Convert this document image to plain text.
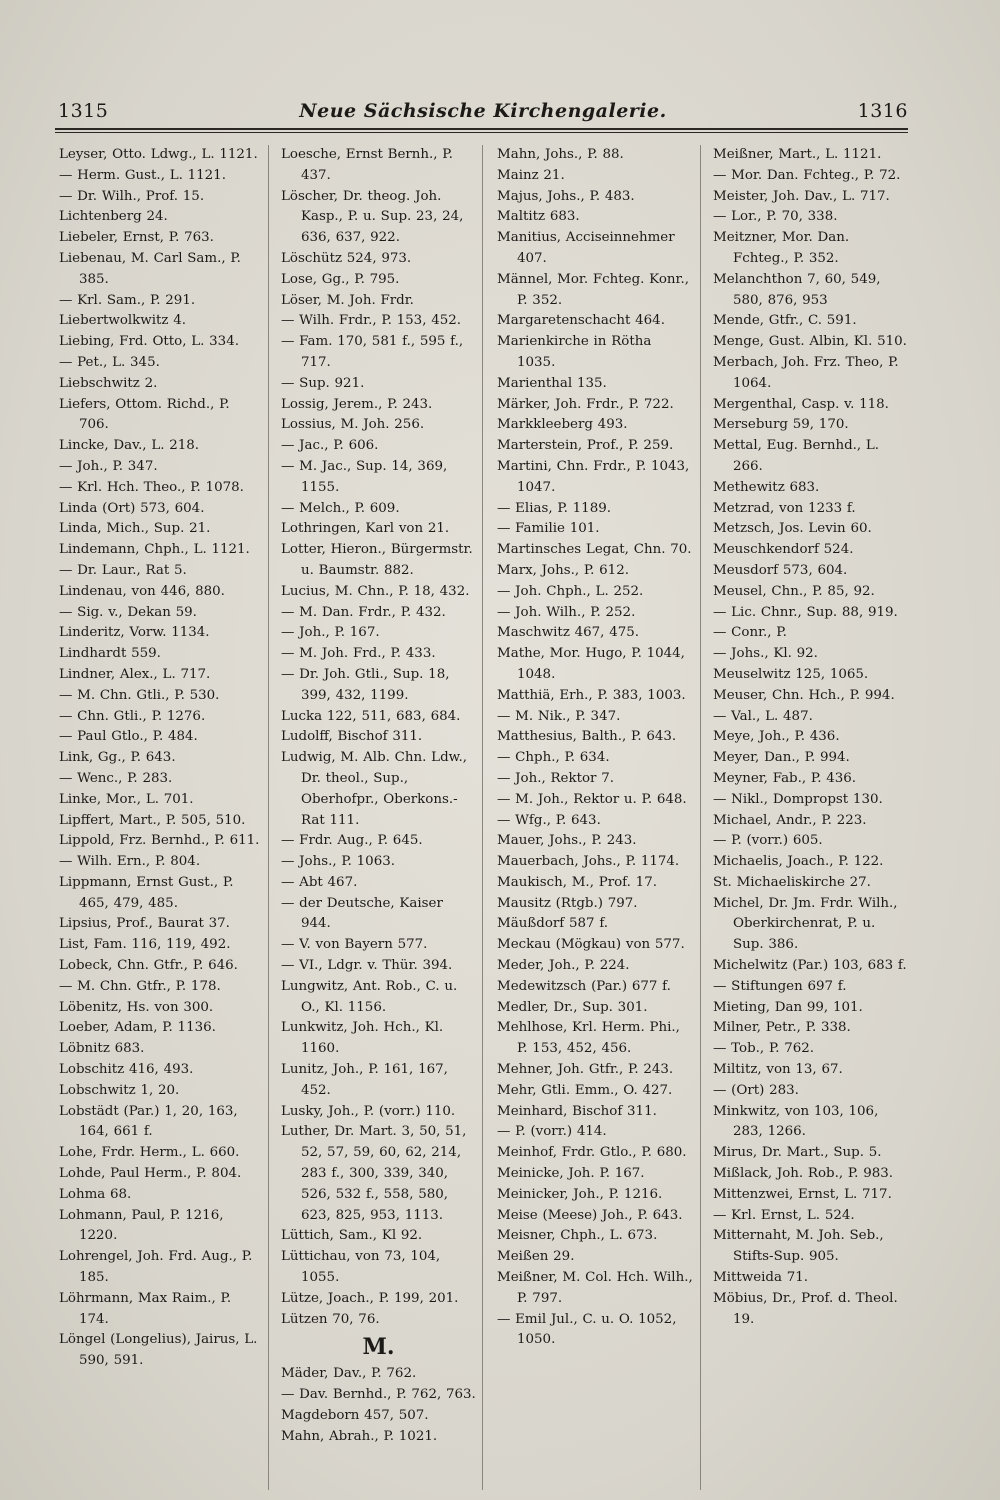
1315	Neue Sächsische Kirchengalerie.	1316
Leyser, Otto. Ldwg., L. 1121.
— Herm. Gust., L. 1121.
— Dr. Wilh., Prof. 15.
Lichtenberg 24.
Liebeler, Ernst, P. 763.
Liebenau, M. Carl Sam., P. 385.
— Krl. Sam., P. 291.
Liebertwolkwitz 4.
Liebing, Frd. Otto, L. 334.
— Pet., L. 345.
Liebschwitz 2.
Liefers, Ottom. Richd., P. 706.
Lincke, Dav., L. 218.
— Joh., P. 347.
— Krl. Hch. Theo., P. 1078.
Linda (Ort) 573, 604.
Linda, Mich., Sup. 21.
Lindemann, Chph., L. 1121.
— Dr. Laur., Rat 5.
Lindenau, von 446, 880.
— Sig. v., Dekan 59.
Linderitz, Vorw. 1134.
Lindhardt 559.
Lindner, Alex., L. 717.
— M. Chn. Gtli., P. 530.
— Chn. Gtli., P. 1276.
— Paul Gtlo., P. 484.
Link, Gg., P. 643.
— Wenc., P. 283.
Linke, Mor., L. 701.
Lipffert, Mart., P. 505, 510.
Lippold, Frz. Bernhd., P. 611.
— Wilh. Ern., P. 804.
Lippmann, Ernst Gust., P. 465, 479, 485.
Lipsius, Prof., Baurat 37.
List, Fam. 116, 119, 492.
Lobeck, Chn. Gtfr., P. 646.
— M. Chn. Gtfr., P. 178.
Löbenitz, Hs. von 300.
Loeber, Adam, P. 1136.
Löbnitz 683.
Lobschitz 416, 493.
Lobschwitz 1, 20.
Lobstädt (Par.) 1, 20, 163, 164, 661 f.
Lohe, Frdr. Herm., L. 660.
Lohde, Paul Herm., P. 804.
Lohma 68.
Lohmann, Paul, P. 1216, 1220.
Lohrengel, Joh. Frd. Aug., P. 185.
Löhrmann, Max Raim., P. 174.
Löngel (Longelius), Jairus, L. 590, 591.
Loesche, Ernst Bernh., P. 437.
Löscher, Dr. theog. Joh. Kasp., P. u. Sup. 23, 24, 636, 637, 922.
Löschütz 524, 973.
Lose, Gg., P. 795.
Löser, M. Joh. Frdr.
— Wilh. Frdr., P. 153, 452.
— Fam. 170, 581 f., 595 f., 717.
— Sup. 921.
Lossig, Jerem., P. 243.
Lossius, M. Joh. 256.
— Jac., P. 606.
— M. Jac., Sup. 14, 369, 1155.
— Melch., P. 609.
Lothringen, Karl von 21.
Lotter, Hieron., Bürgermstr. u. Baumstr. 882.
Lucius, M. Chn., P. 18, 432.
— M. Dan. Frdr., P. 432.
— Joh., P. 167.
— M. Joh. Frd., P. 433.
— Dr. Joh. Gtli., Sup. 18, 399, 432, 1199.
Lucka 122, 511, 683, 684.
Ludolff, Bischof 311.
Ludwig, M. Alb. Chn. Ldw., Dr. theol., Sup., Oberhofpr., Oberkons.-Rat 111.
— Frdr. Aug., P. 645.
— Johs., P. 1063.
— Abt 467.
— der Deutsche, Kaiser 944.
— V. von Bayern 577.
— VI., Ldgr. v. Thür. 394.
Lungwitz, Ant. Rob., C. u. O., Kl. 1156.
Lunkwitz, Joh. Hch., Kl. 1160.
Lunitz, Joh., P. 161, 167, 452.
Lusky, Joh., P. (vorr.) 110.
Luther, Dr. Mart. 3, 50, 51, 52, 57, 59, 60, 62, 214, 283 f., 300, 339, 340, 526, 532 f., 558, 580, 623, 825, 953, 1113.
Lüttich, Sam., Kl 92.
Lüttichau, von 73, 104, 1055.
Lütze, Joach., P. 199, 201.
Lützen 70, 76.
M.
Mäder, Dav., P. 762.
— Dav. Bernhd., P. 762, 763.
Magdeborn 457, 507.
Mahn, Abrah., P. 1021.
Mahn, Johs., P. 88.
Mainz 21.
Majus, Johs., P. 483.
Maltitz 683.
Manitius, Acciseinnehmer 407.
Männel, Mor. Fchteg. Konr., P. 352.
Margaretenschacht 464.
Marienkirche in Rötha 1035.
Marienthal 135.
Märker, Joh. Frdr., P. 722.
Markkleeberg 493.
Marterstein, Prof., P. 259.
Martini, Chn. Frdr., P. 1043, 1047.
— Elias, P. 1189.
— Familie 101.
Martinsches Legat, Chn. 70.
Marx, Johs., P. 612.
— Joh. Chph., L. 252.
— Joh. Wilh., P. 252.
Maschwitz 467, 475.
Mathe, Mor. Hugo, P. 1044, 1048.
Matthiä, Erh., P. 383, 1003.
— M. Nik., P. 347.
Matthesius, Balth., P. 643.
— Chph., P. 634.
— Joh., Rektor 7.
— M. Joh., Rektor u. P. 648.
— Wfg., P. 643.
Mauer, Johs., P. 243.
Mauerbach, Johs., P. 1174.
Maukisch, M., Prof. 17.
Mausitz (Rtgb.) 797.
Mäußdorf 587 f.
Meckau (Mögkau) von 577.
Meder, Joh., P. 224.
Medewitzsch (Par.) 677 f.
Medler, Dr., Sup. 301.
Mehlhose, Krl. Herm. Phi., P. 153, 452, 456.
Mehner, Joh. Gtfr., P. 243.
Mehr, Gtli. Emm., O. 427.
Meinhard, Bischof 311.
— P. (vorr.) 414.
Meinhof, Frdr. Gtlo., P. 680.
Meinicke, Joh. P. 167.
Meinicker, Joh., P. 1216.
Meise (Meese) Joh., P. 643.
Meisner, Chph., L. 673.
Meißen 29.
Meißner, M. Col. Hch. Wilh., P. 797.
— Emil Jul., C. u. O. 1052, 1050.
Meißner, Mart., L. 1121.
— Mor. Dan. Fchteg., P. 72.
Meister, Joh. Dav., L. 717.
— Lor., P. 70, 338.
Meitzner, Mor. Dan. Fchteg., P. 352.
Melanchthon 7, 60, 549, 580, 876, 953
Mende, Gtfr., C. 591.
Menge, Gust. Albin, Kl. 510.
Merbach, Joh. Frz. Theo, P. 1064.
Mergenthal, Casp. v. 118.
Merseburg 59, 170.
Mettal, Eug. Bernhd., L. 266.
Methewitz 683.
Metzrad, von 1233 f.
Metzsch, Jos. Levin 60.
Meuschkendorf 524.
Meusdorf 573, 604.
Meusel, Chn., P. 85, 92.
— Lic. Chnr., Sup. 88, 919.
— Conr., P.
— Johs., Kl. 92.
Meuselwitz 125, 1065.
Meuser, Chn. Hch., P. 994.
— Val., L. 487.
Meye, Joh., P. 436.
Meyer, Dan., P. 994.
Meyner, Fab., P. 436.
— Nikl., Dompropst 130.
Michael, Andr., P. 223.
— P. (vorr.) 605.
Michaelis, Joach., P. 122.
St. Michaeliskirche 27.
Michel, Dr. Jm. Frdr. Wilh., Oberkirchenrat, P. u. Sup. 386.
Michelwitz (Par.) 103, 683 f.
— Stiftungen 697 f.
Mieting, Dan 99, 101.
Milner, Petr., P. 338.
— Tob., P. 762.
Miltitz, von 13, 67.
— (Ort) 283.
Minkwitz, von 103, 106, 283, 1266.
Mirus, Dr. Mart., Sup. 5.
Mißlack, Joh. Rob., P. 983.
Mittenzwei, Ernst, L. 717.
— Krl. Ernst, L. 524.
Mitternaht, M. Joh. Seb., Stifts-Sup. 905.
Mittweida 71.
Möbius, Dr., Prof. d. Theol. 19.
